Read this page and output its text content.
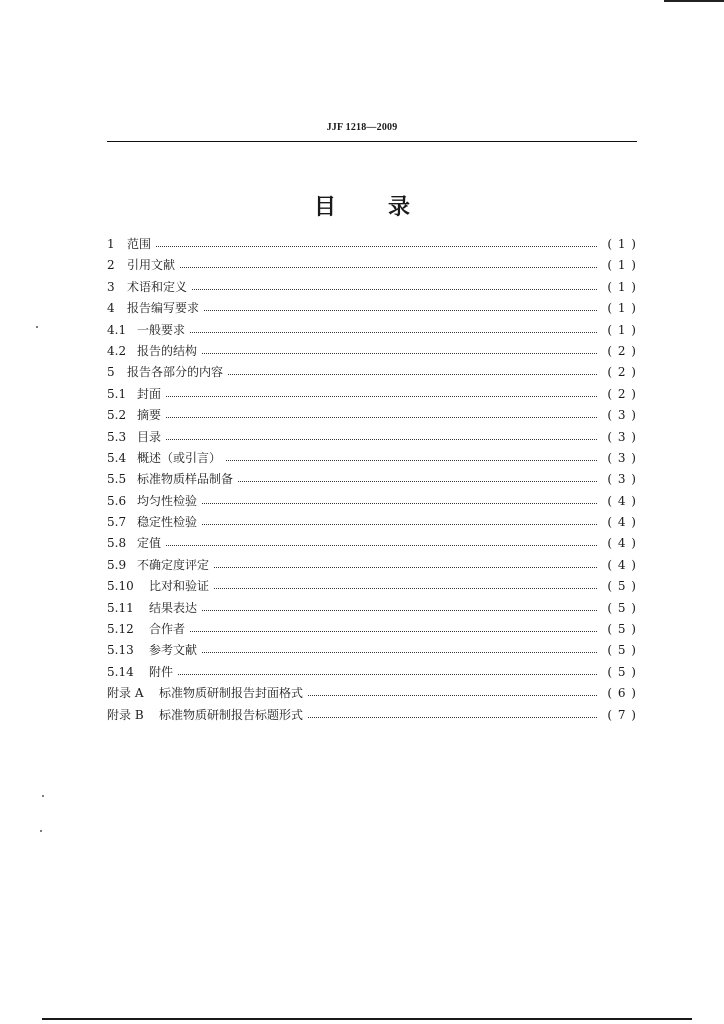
JJF 1218—2009
目录
1 范围	( 1 )
2 引用文献	( 1 )
3 术语和定义	( 1 )
4 报告编写要求	( 1 )
4.1 一般要求	( 1 )
4.2 报告的结构	( 2 )
5 报告各部分的内容	( 2 )
5.1 封面	( 2 )
5.2 摘要	( 3 )
5.3 目录	( 3 )
5.4 概述（或引言）	( 3 )
5.5 标准物质样品制备	( 3 )
5.6 均匀性检验	( 4 )
5.7 稳定性检验	( 4 )
5.8 定值	( 4 )
5.9 不确定度评定	( 4 )
5.10 比对和验证	( 5 )
5.11 结果表达	( 5 )
5.12 合作者	( 5 )
5.13 参考文献	( 5 )
5.14 附件	( 5 )
附录 A 标准物质研制报告封面格式	( 6 )
附录 B 标准物质研制报告标题形式	( 7 )
